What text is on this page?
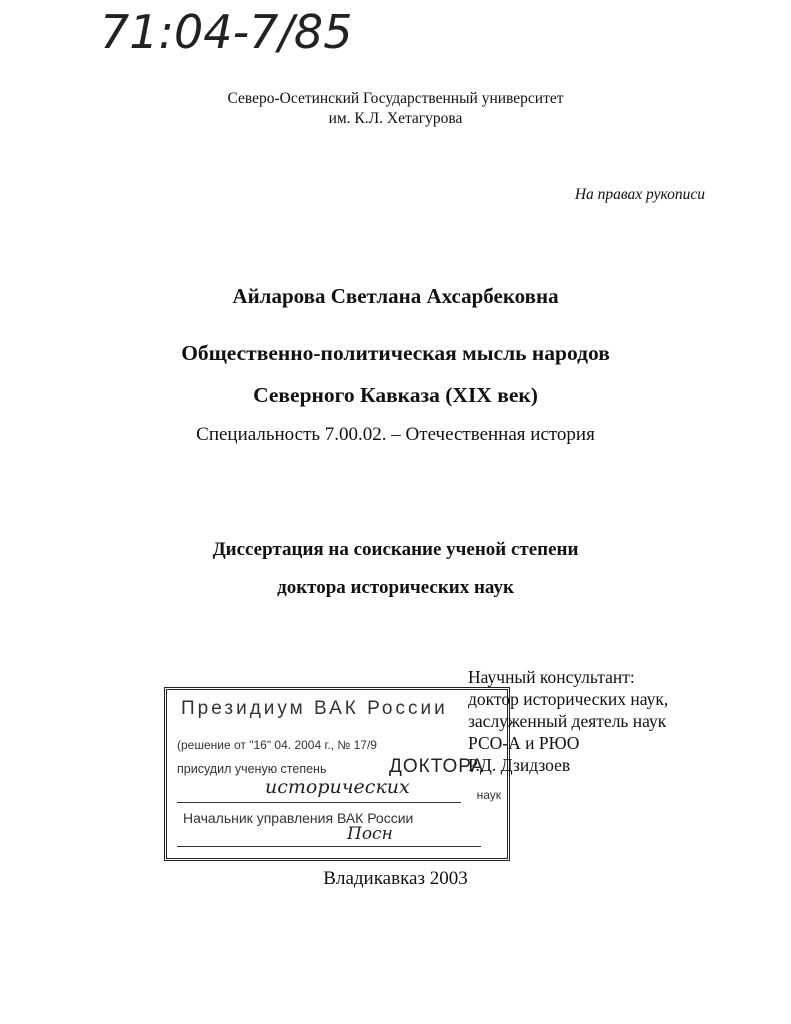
71:04-7/85
Северо-Осетинский Государственный университет
им. К.Л. Хетагурова
На правах рукописи
Айларова Светлана Ахсарбековна
Общественно-политическая мысль народов
Северного Кавказа (XIX век)
Специальность 7.00.02. – Отечественная история
Диссертация на соискание ученой степени
доктора исторических наук
Президиум ВАК России
(решение от "16" 04. 2004 г., № 17/9
присудил ученую степень	ДОКТОРА
исторических	наук
Начальник управления ВАК России
Посн
Научный консультант:
доктор исторических наук,
заслуженный деятель наук
РСО-А и РЮО
Р.Д. Дзидзоев
Владикавказ 2003
